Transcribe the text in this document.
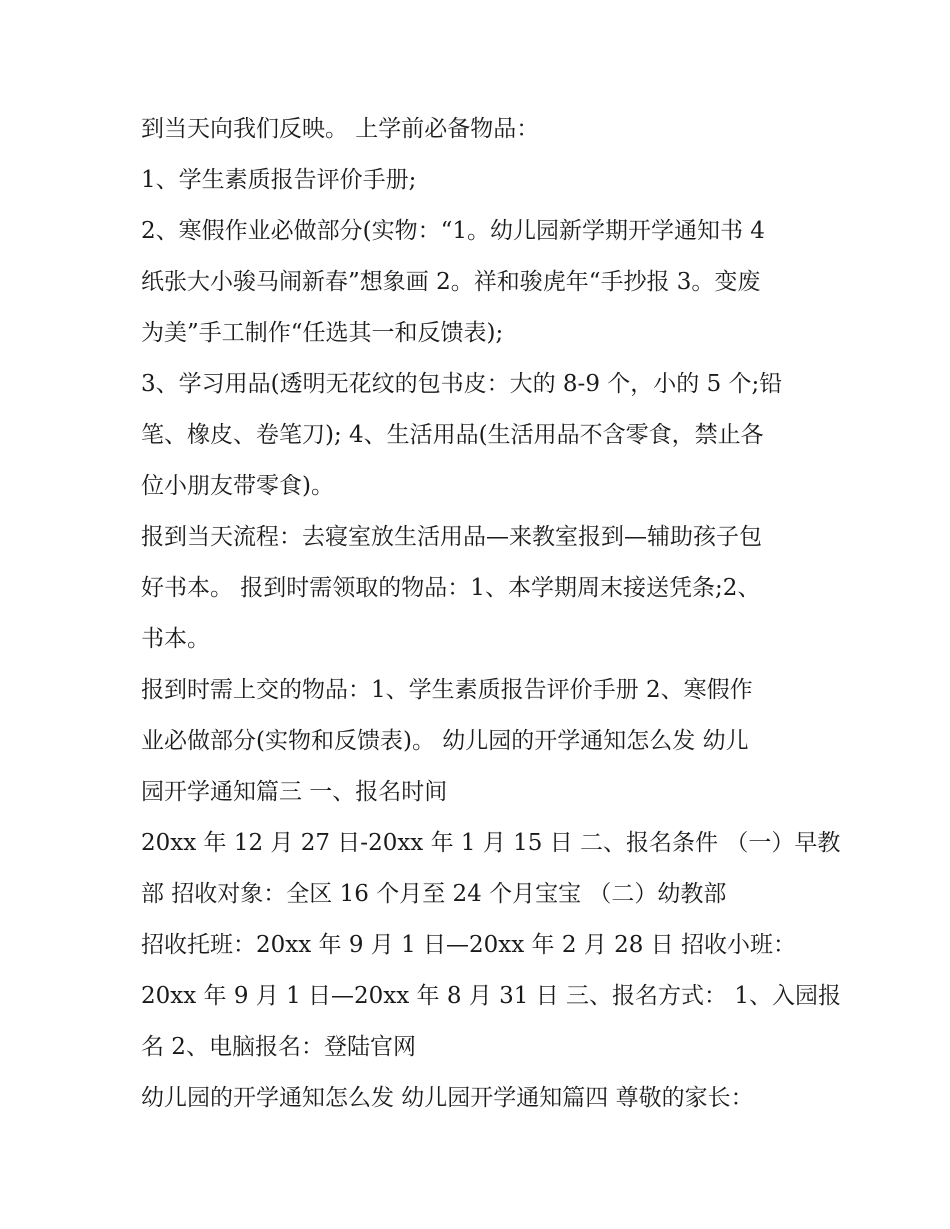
到当天向我们反映。 上学前必备物品：
1、学生素质报告评价手册;
2、寒假作业必做部分(实物：“1。幼儿园新学期开学通知书 4
纸张大小骏马闹新春”想象画 2。祥和骏虎年“手抄报 3。变废
为美”手工制作“任选其一和反馈表);
3、学习用品(透明无花纹的包书皮：大的 8-9 个，小的 5 个;铅
笔、橡皮、卷笔刀); 4、生活用品(生活用品不含零食，禁止各
位小朋友带零食)。
报到当天流程：去寝室放生活用品—来教室报到—辅助孩子包
好书本。 报到时需领取的物品：1、本学期周末接送凭条;2、
书本。
报到时需上交的物品：1、学生素质报告评价手册 2、寒假作
业必做部分(实物和反馈表)。 幼儿园的开学通知怎么发 幼儿
园开学通知篇三 一、报名时间
20xx 年 12 月 27 日-20xx 年 1 月 15 日 二、报名条件 （一）早教
部 招收对象：全区 16 个月至 24 个月宝宝 （二）幼教部
招收托班：20xx 年 9 月 1 日—20xx 年 2 月 28 日 招收小班：
20xx 年 9 月 1 日—20xx 年 8 月 31 日 三、报名方式： 1、入园报
名 2、电脑报名：登陆官网
幼儿园的开学通知怎么发 幼儿园开学通知篇四 尊敬的家长：
